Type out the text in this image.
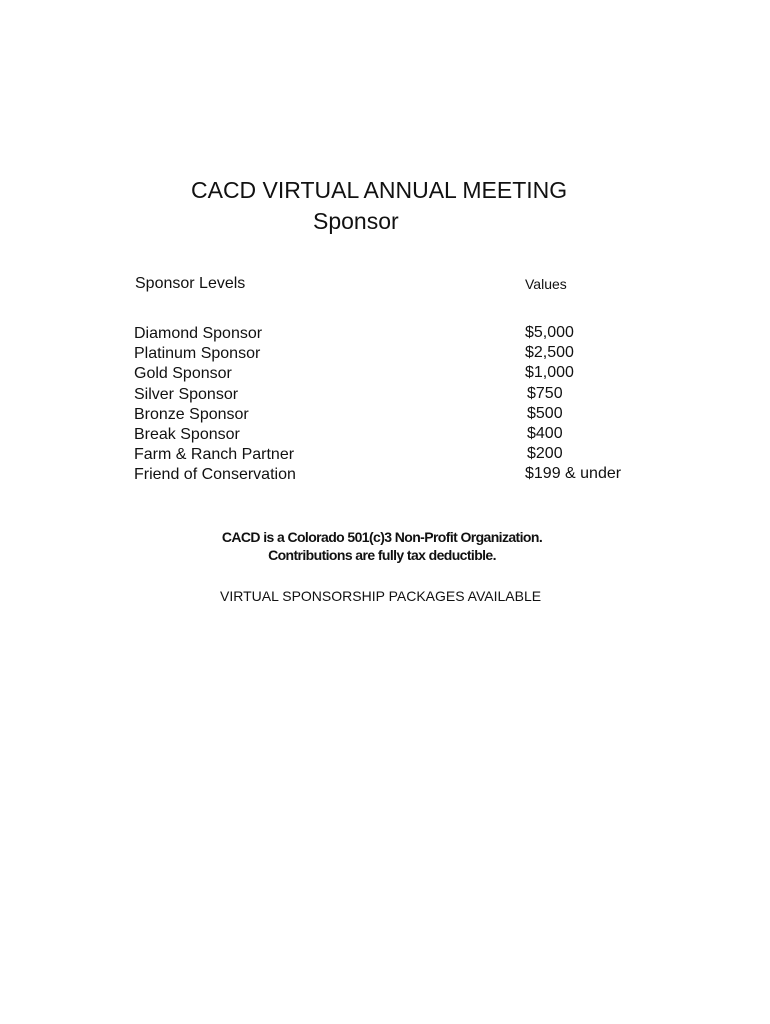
CACD VIRTUAL ANNUAL MEETING
Sponsor
Sponsor Levels	Values
Diamond Sponsor
Platinum Sponsor
Gold Sponsor
Silver Sponsor
Bronze Sponsor
Break Sponsor
Farm & Ranch Partner
Friend of Conservation
$5,000
$2,500
$1,000
$750
$500
$400
$200
$199 & under
CACD is a Colorado 501(c)3 Non-Profit Organization.
Contributions are fully tax deductible.
VIRTUAL SPONSORSHIP PACKAGES AVAILABLE
